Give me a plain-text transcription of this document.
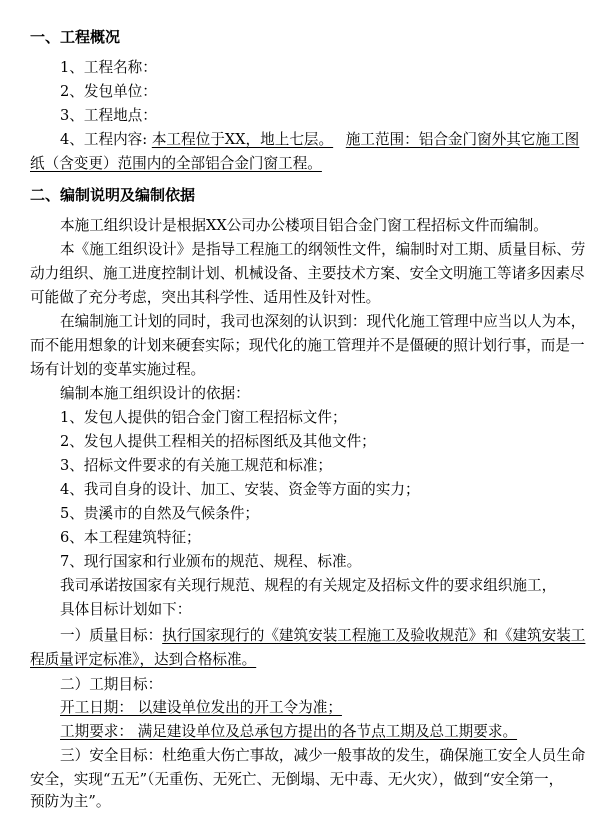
一、工程概况
1、工程名称：
2、发包单位：
3、工程地点：
4、工程内容: 本工程位于XX，地上七层。 施工范围：铝合金门窗外其它施工图
纸（含变更）范围内的全部铝合金门窗工程。
二、编制说明及编制依据
本施工组织设计是根据XX公司办公楼项目铝合金门窗工程招标文件而编制。
本《施工组织设计》是指导工程施工的纲领性文件，编制时对工期、质量目标、劳
动力组织、施工进度控制计划、机械设备、主要技术方案、安全文明施工等诸多因素尽
可能做了充分考虑，突出其科学性、适用性及针对性。
在编制施工计划的同时，我司也深刻的认识到：现代化施工管理中应当以人为本，
而不能用想象的计划来硬套实际；现代化的施工管理并不是僵硬的照计划行事，而是一
场有计划的变革实施过程。
编制本施工组织设计的依据：
1、发包人提供的铝合金门窗工程招标文件；
2、发包人提供工程相关的招标图纸及其他文件；
3、招标文件要求的有关施工规范和标准；
4、我司自身的设计、加工、安装、资金等方面的实力；
5、贵溪市的自然及气候条件；
6、本工程建筑特征；
7、现行国家和行业颁布的规范、规程、标准。
我司承诺按国家有关现行规范、规程的有关规定及招标文件的要求组织施工，
具体目标计划如下：
一）质量目标：执行国家现行的《建筑安装工程施工及验收规范》和《建筑安装工
程质量评定标准》，达到合格标准。
二）工期目标：
开工日期： 以建设单位发出的开工令为准；
工期要求： 满足建设单位及总承包方提出的各节点工期及总工期要求。
三）安全目标：杜绝重大伤亡事故，减少一般事故的发生，确保施工安全人员生命
安全，实现“五无”（无重伤、无死亡、无倒塌、无中毒、无火灾），做到“安全第一，
预防为主”。
